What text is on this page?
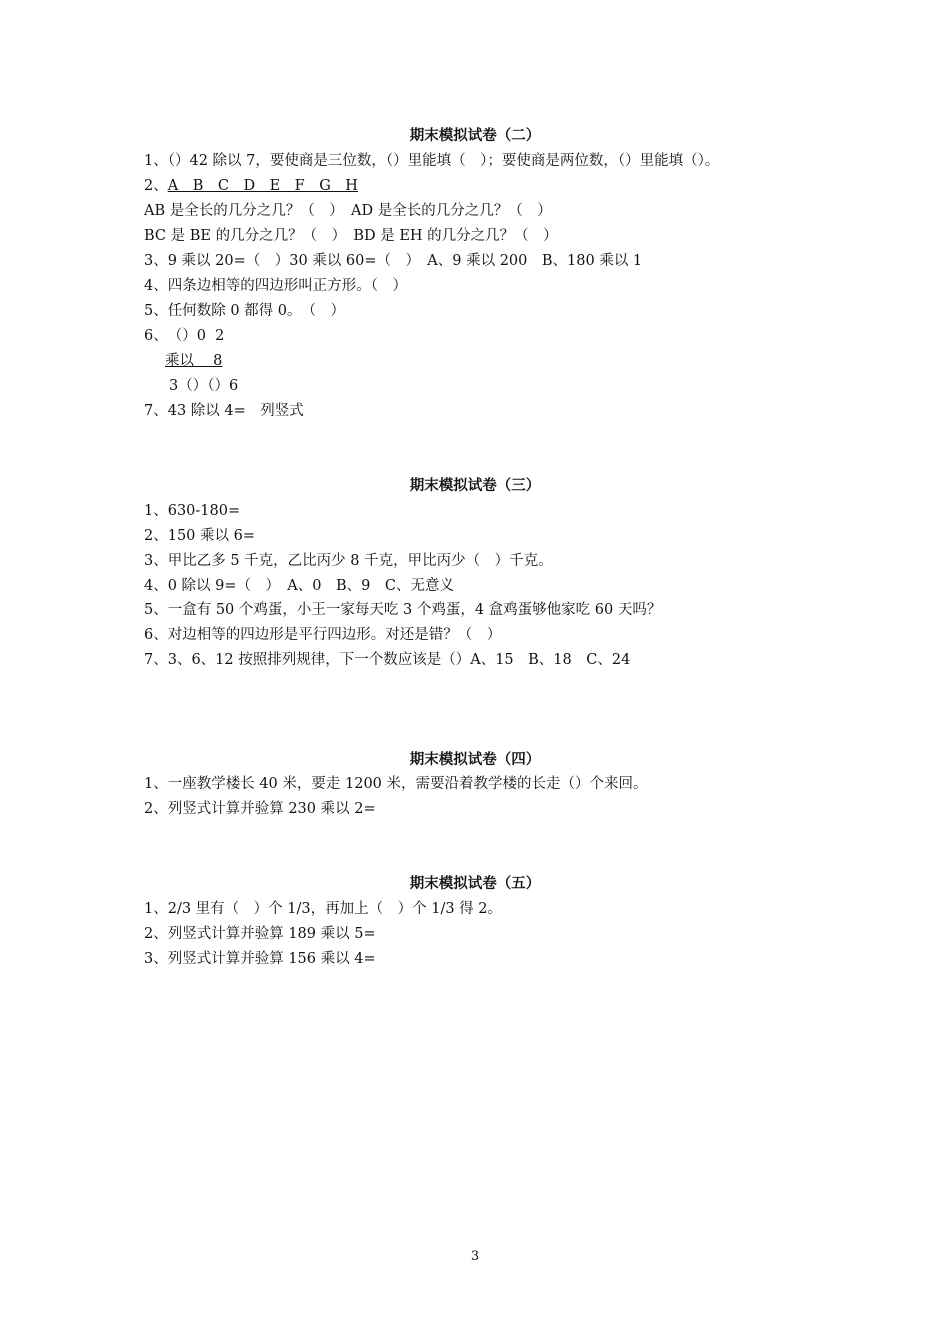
期末模拟试卷（二）
1、（）42 除以 7，要使商是三位数，（）里能填（　）；要使商是两位数，（）里能填（）。
2、A　B　C　D　E　F　G　H
AB 是全长的几分之几？（　）　AD 是全长的几分之几？（　）
BC 是 BE 的几分之几？（　）　BD 是 EH 的几分之几？（　）
3、9 乘以 20=（　）30 乘以 60=（　）　A、9 乘以 200　B、180 乘以 1
4、四条边相等的四边形叫正方形。（　）
5、任何数除 0 都得 0。　（　）
6、　（）0  2
乘以　 8
3（）（）6
7、43 除以 4=　列竖式
期末模拟试卷（三）
1、630-180=
2、150 乘以 6=
3、甲比乙多 5 千克，乙比丙少 8 千克，甲比丙少（　）千克。
4、0 除以 9=（　）　A、0　B、9　C、无意义
5、一盒有 50 个鸡蛋，小王一家每天吃 3 个鸡蛋，4 盒鸡蛋够他家吃 60 天吗？
6、对边相等的四边形是平行四边形。对还是错？（　）
7、3、6、12 按照排列规律，下一个数应该是（）A、15　B、18　C、24
期末模拟试卷（四）
1、一座教学楼长 40 米，要走 1200 米，需要沿着教学楼的长走（）个来回。
2、列竖式计算并验算 230 乘以 2=
期末模拟试卷（五）
1、2/3 里有（　）个 1/3，再加上（　）个 1/3 得 2。
2、列竖式计算并验算 189 乘以 5=
3、列竖式计算并验算 156 乘以 4=
3
